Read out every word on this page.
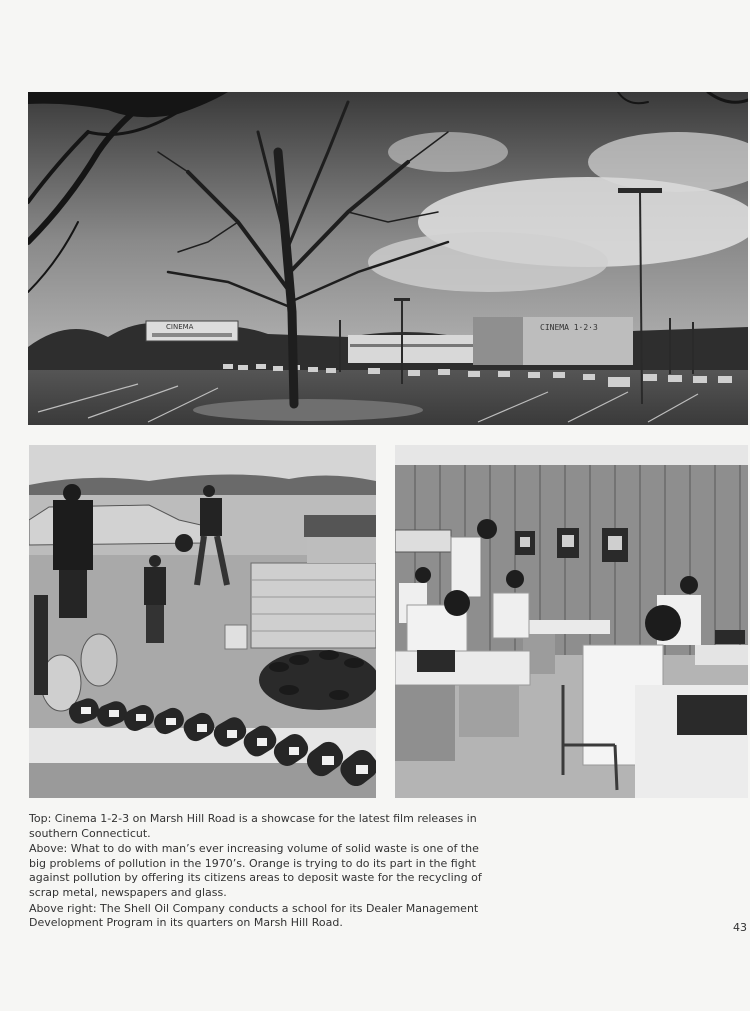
CINEMA 1·2·3
CINEMA

Top: Cinema 1-2-3 on Marsh Hill Road is a showcase for the latest film releases in southern Connecticut.

Above: What to do with man’s ever increasing volume of solid waste is one of the big problems of pollution in the 1970’s. Orange is trying to do its part in the fight against pollution by offering its citizens areas to deposit waste for the recycling of scrap metal, newspapers and glass.

Above right: The Shell Oil Company conducts a school for its Dealer Management Development Program in its quarters on Marsh Hill Road.	43
